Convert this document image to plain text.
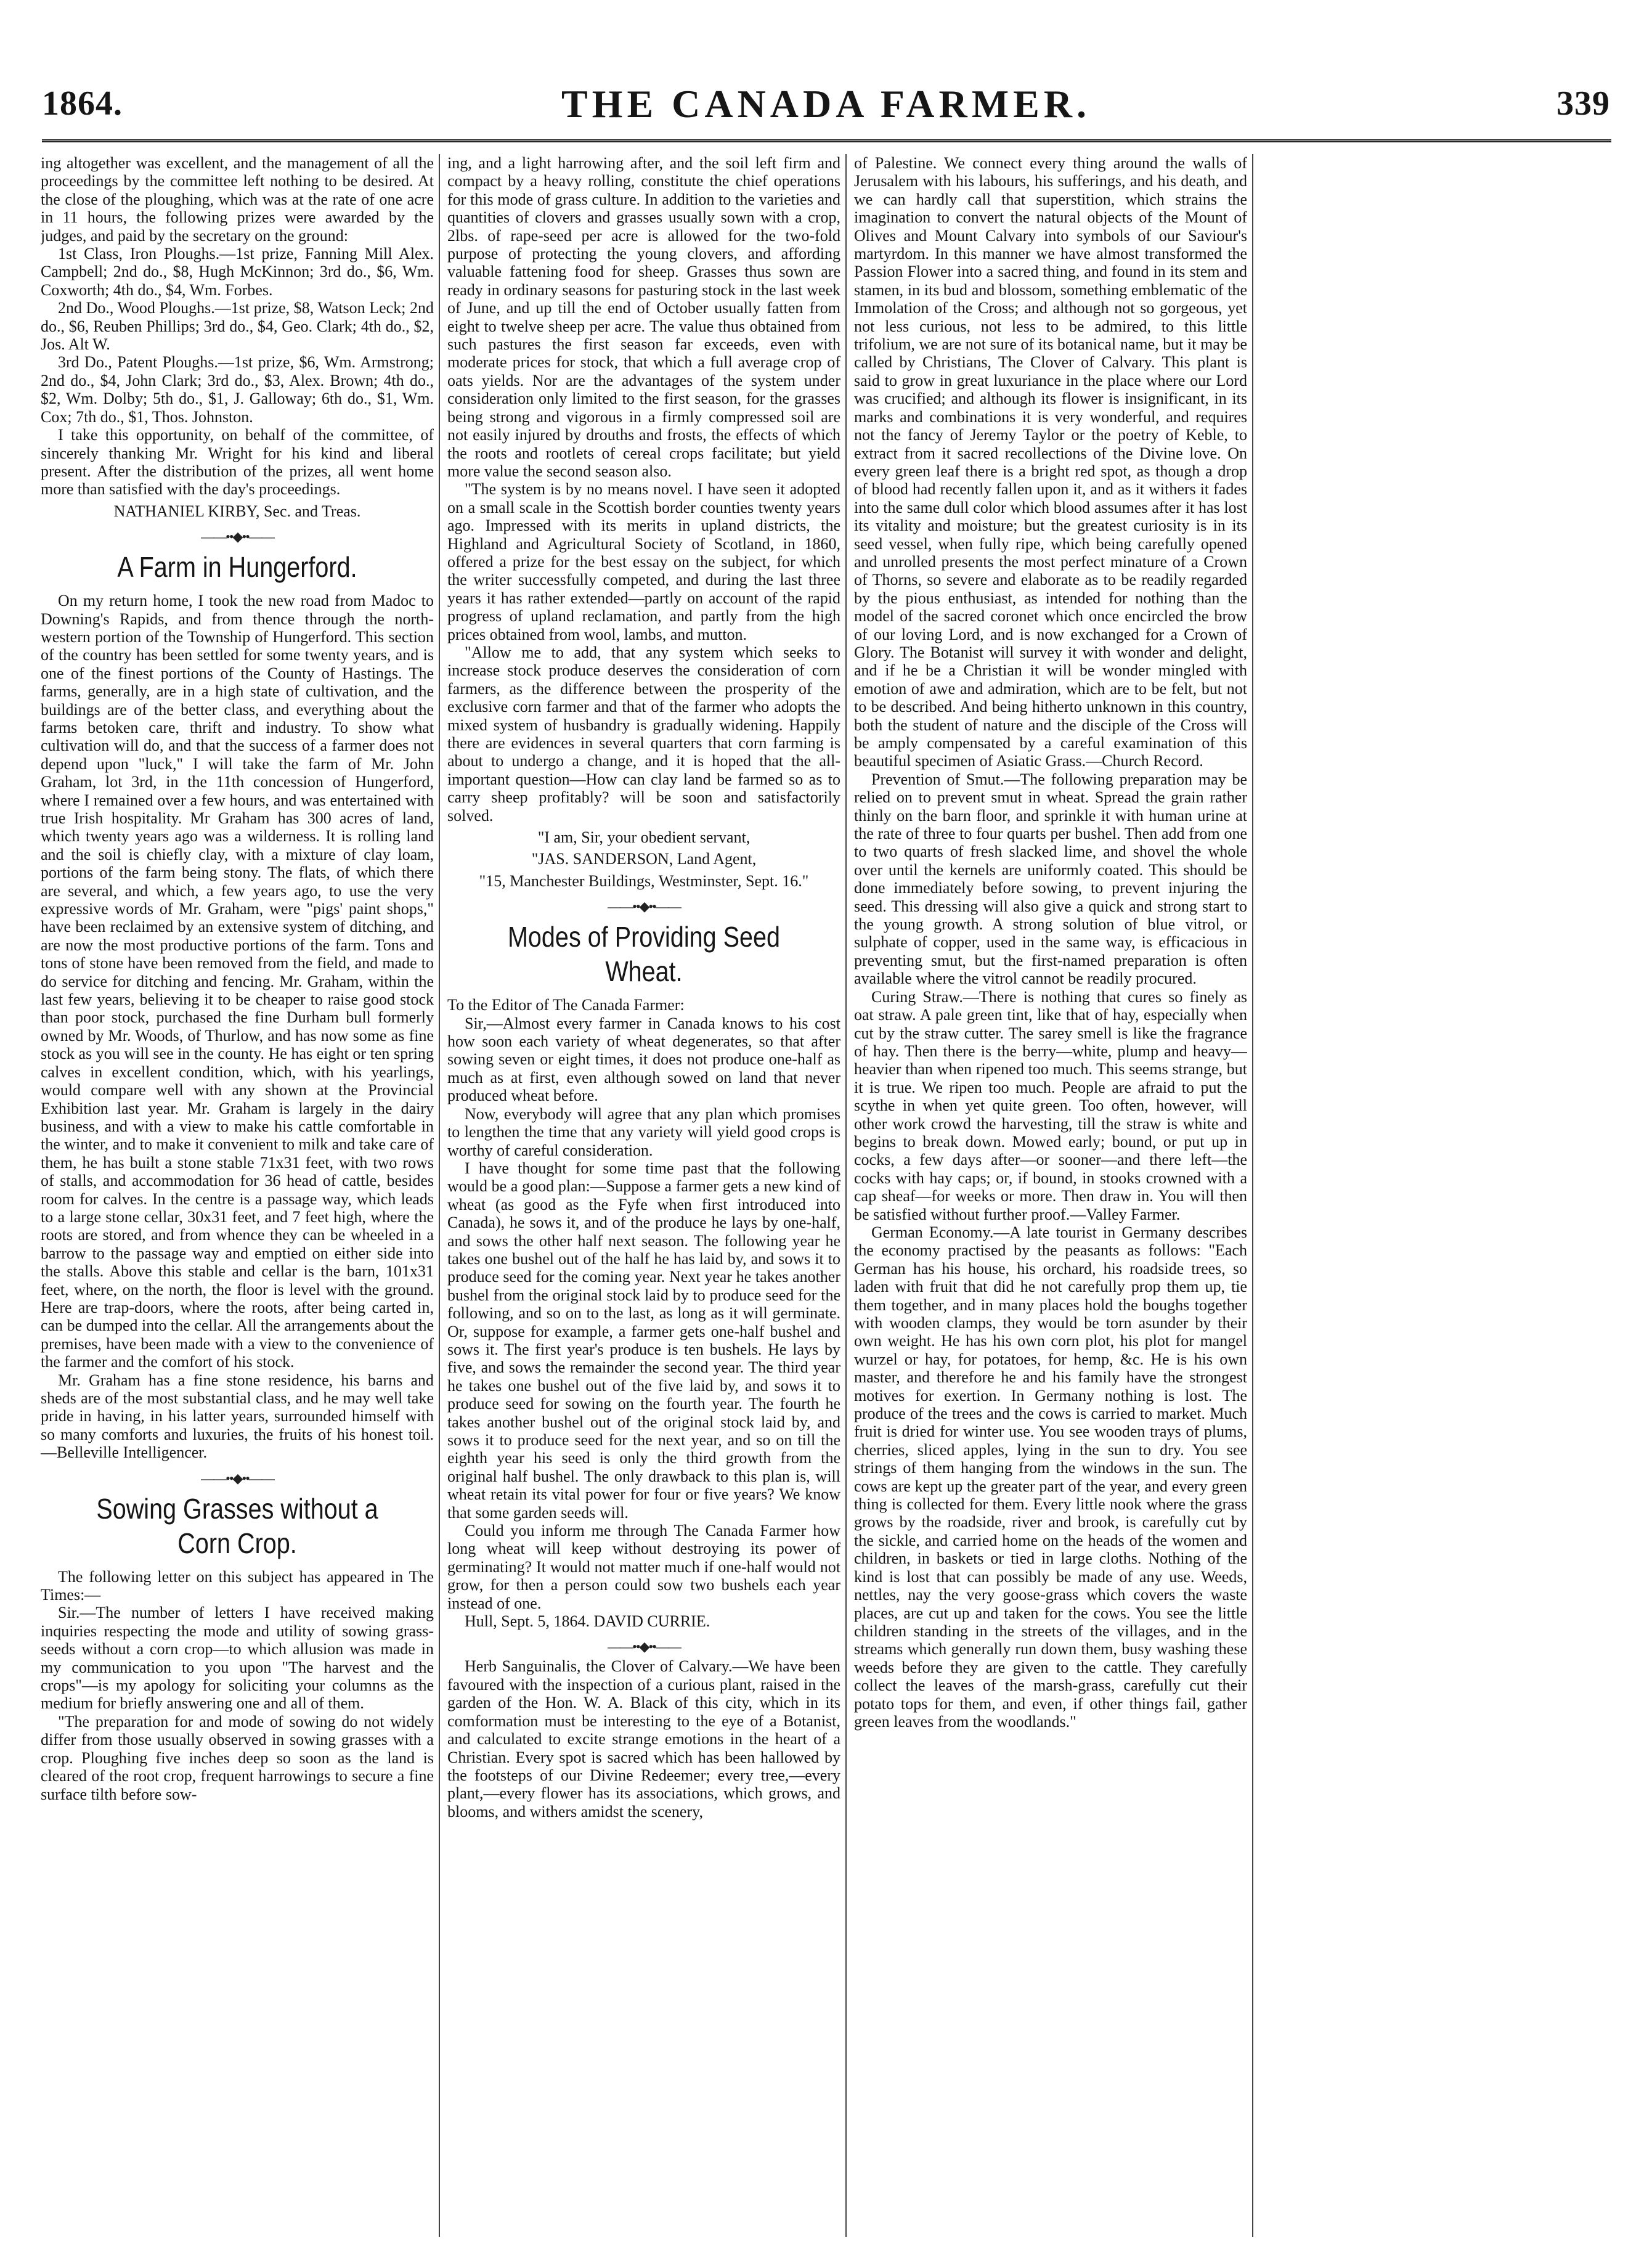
1864.	THE CANADA FARMER.	339

ing altogether was excellent, and the management of all the proceedings by the committee left nothing to be desired. At the close of the ploughing, which was at the rate of one acre in 11 hours, the following prizes were awarded by the judges, and paid by the secretary on the ground:

1st Class, Iron Ploughs.—1st prize, Fanning Mill Alex. Campbell; 2nd do., $8, Hugh McKinnon; 3rd do., $6, Wm. Coxworth; 4th do., $4, Wm. Forbes.

2nd Do., Wood Ploughs.—1st prize, $8, Watson Leck; 2nd do., $6, Reuben Phillips; 3rd do., $4, Geo. Clark; 4th do., $2, Jos. Alt W.

3rd Do., Patent Ploughs.—1st prize, $6, Wm. Armstrong; 2nd do., $4, John Clark; 3rd do., $3, Alex. Brown; 4th do., $2, Wm. Dolby; 5th do., $1, J. Galloway; 6th do., $1, Wm. Cox; 7th do., $1, Thos. Johnston.

I take this opportunity, on behalf of the committee, of sincerely thanking Mr. Wright for his kind and liberal present. After the distribution of the prizes, all went home more than satisfied with the day's proceedings.

NATHANIEL KIRBY, Sec. and Treas.

——••◆••——
A Farm in Hungerford.

On my return home, I took the new road from Madoc to Downing's Rapids, and from thence through the north-western portion of the Township of Hungerford. This section of the country has been settled for some twenty years, and is one of the finest portions of the County of Hastings. The farms, generally, are in a high state of cultivation, and the buildings are of the better class, and everything about the farms betoken care, thrift and industry. To show what cultivation will do, and that the success of a farmer does not depend upon "luck," I will take the farm of Mr. John Graham, lot 3rd, in the 11th concession of Hungerford, where I remained over a few hours, and was entertained with true Irish hospitality. Mr Graham has 300 acres of land, which twenty years ago was a wilderness. It is rolling land and the soil is chiefly clay, with a mixture of clay loam, portions of the farm being stony. The flats, of which there are several, and which, a few years ago, to use the very expressive words of Mr. Graham, were "pigs' paint shops," have been reclaimed by an extensive system of ditching, and are now the most productive portions of the farm. Tons and tons of stone have been removed from the field, and made to do service for ditching and fencing. Mr. Graham, within the last few years, believing it to be cheaper to raise good stock than poor stock, purchased the fine Durham bull formerly owned by Mr. Woods, of Thurlow, and has now some as fine stock as you will see in the county. He has eight or ten spring calves in excellent condition, which, with his yearlings, would compare well with any shown at the Provincial Exhibition last year. Mr. Graham is largely in the dairy business, and with a view to make his cattle comfortable in the winter, and to make it convenient to milk and take care of them, he has built a stone stable 71x31 feet, with two rows of stalls, and accommodation for 36 head of cattle, besides room for calves. In the centre is a passage way, which leads to a large stone cellar, 30x31 feet, and 7 feet high, where the roots are stored, and from whence they can be wheeled in a barrow to the passage way and emptied on either side into the stalls. Above this stable and cellar is the barn, 101x31 feet, where, on the north, the floor is level with the ground. Here are trap-doors, where the roots, after being carted in, can be dumped into the cellar. All the arrangements about the premises, have been made with a view to the convenience of the farmer and the comfort of his stock.

Mr. Graham has a fine stone residence, his barns and sheds are of the most substantial class, and he may well take pride in having, in his latter years, surrounded himself with so many comforts and luxuries, the fruits of his honest toil.—Belleville Intelligencer.

——••◆••——
Sowing Grasses without a Corn Crop.

The following letter on this subject has appeared in The Times:—

Sir.—The number of letters I have received making inquiries respecting the mode and utility of sowing grass-seeds without a corn crop—to which allusion was made in my communication to you upon "The harvest and the crops"—is my apology for soliciting your columns as the medium for briefly answering one and all of them.

"The preparation for and mode of sowing do not widely differ from those usually observed in sowing grasses with a crop. Ploughing five inches deep so soon as the land is cleared of the root crop, frequent harrowings to secure a fine surface tilth before sow-

ing, and a light harrowing after, and the soil left firm and compact by a heavy rolling, constitute the chief operations for this mode of grass culture. In addition to the varieties and quantities of clovers and grasses usually sown with a crop, 2lbs. of rape-seed per acre is allowed for the two-fold purpose of protecting the young clovers, and affording valuable fattening food for sheep. Grasses thus sown are ready in ordinary seasons for pasturing stock in the last week of June, and up till the end of October usually fatten from eight to twelve sheep per acre. The value thus obtained from such pastures the first season far exceeds, even with moderate prices for stock, that which a full average crop of oats yields. Nor are the advantages of the system under consideration only limited to the first season, for the grasses being strong and vigorous in a firmly compressed soil are not easily injured by drouths and frosts, the effects of which the roots and rootlets of cereal crops facilitate; but yield more value the second season also.

"The system is by no means novel. I have seen it adopted on a small scale in the Scottish border counties twenty years ago. Impressed with its merits in upland districts, the Highland and Agricultural Society of Scotland, in 1860, offered a prize for the best essay on the subject, for which the writer successfully competed, and during the last three years it has rather extended—partly on account of the rapid progress of upland reclamation, and partly from the high prices obtained from wool, lambs, and mutton.

"Allow me to add, that any system which seeks to increase stock produce deserves the consideration of corn farmers, as the difference between the prosperity of the exclusive corn farmer and that of the farmer who adopts the mixed system of husbandry is gradually widening. Happily there are evidences in several quarters that corn farming is about to undergo a change, and it is hoped that the all-important question—How can clay land be farmed so as to carry sheep profitably? will be soon and satisfactorily solved.

"I am, Sir, your obedient servant,

"JAS. SANDERSON, Land Agent,

"15, Manchester Buildings, Westminster, Sept. 16."

——••◆••——
Modes of Providing Seed Wheat.

To the Editor of The Canada Farmer:

Sir,—Almost every farmer in Canada knows to his cost how soon each variety of wheat degenerates, so that after sowing seven or eight times, it does not produce one-half as much as at first, even although sowed on land that never produced wheat before.

Now, everybody will agree that any plan which promises to lengthen the time that any variety will yield good crops is worthy of careful consideration.

I have thought for some time past that the following would be a good plan:—Suppose a farmer gets a new kind of wheat (as good as the Fyfe when first introduced into Canada), he sows it, and of the produce he lays by one-half, and sows the other half next season. The following year he takes one bushel out of the half he has laid by, and sows it to produce seed for the coming year. Next year he takes another bushel from the original stock laid by to produce seed for the following, and so on to the last, as long as it will germinate. Or, suppose for example, a farmer gets one-half bushel and sows it. The first year's produce is ten bushels. He lays by five, and sows the remainder the second year. The third year he takes one bushel out of the five laid by, and sows it to produce seed for sowing on the fourth year. The fourth he takes another bushel out of the original stock laid by, and sows it to produce seed for the next year, and so on till the eighth year his seed is only the third growth from the original half bushel. The only drawback to this plan is, will wheat retain its vital power for four or five years? We know that some garden seeds will.

Could you inform me through The Canada Farmer how long wheat will keep without destroying its power of germinating? It would not matter much if one-half would not grow, for then a person could sow two bushels each year instead of one.

Hull, Sept. 5, 1864. DAVID CURRIE.

——••◆••——

Herb Sanguinalis, the Clover of Calvary.—We have been favoured with the inspection of a curious plant, raised in the garden of the Hon. W. A. Black of this city, which in its comformation must be interesting to the eye of a Botanist, and calculated to excite strange emotions in the heart of a Christian. Every spot is sacred which has been hallowed by the footsteps of our Divine Redeemer; every tree,—every plant,—every flower has its associations, which grows, and blooms, and withers amidst the scenery,

of Palestine. We connect every thing around the walls of Jerusalem with his labours, his sufferings, and his death, and we can hardly call that superstition, which strains the imagination to convert the natural objects of the Mount of Olives and Mount Calvary into symbols of our Saviour's martyrdom. In this manner we have almost transformed the Passion Flower into a sacred thing, and found in its stem and stamen, in its bud and blossom, something emblematic of the Immolation of the Cross; and although not so gorgeous, yet not less curious, not less to be admired, to this little trifolium, we are not sure of its botanical name, but it may be called by Christians, The Clover of Calvary. This plant is said to grow in great luxuriance in the place where our Lord was crucified; and although its flower is insignificant, in its marks and combinations it is very wonderful, and requires not the fancy of Jeremy Taylor or the poetry of Keble, to extract from it sacred recollections of the Divine love. On every green leaf there is a bright red spot, as though a drop of blood had recently fallen upon it, and as it withers it fades into the same dull color which blood assumes after it has lost its vitality and moisture; but the greatest curiosity is in its seed vessel, when fully ripe, which being carefully opened and unrolled presents the most perfect minature of a Crown of Thorns, so severe and elaborate as to be readily regarded by the pious enthusiast, as intended for nothing than the model of the sacred coronet which once encircled the brow of our loving Lord, and is now exchanged for a Crown of Glory. The Botanist will survey it with wonder and delight, and if he be a Christian it will be wonder mingled with emotion of awe and admiration, which are to be felt, but not to be described. And being hitherto unknown in this country, both the student of nature and the disciple of the Cross will be amply compensated by a careful examination of this beautiful specimen of Asiatic Grass.—Church Record.

Prevention of Smut.—The following preparation may be relied on to prevent smut in wheat. Spread the grain rather thinly on the barn floor, and sprinkle it with human urine at the rate of three to four quarts per bushel. Then add from one to two quarts of fresh slacked lime, and shovel the whole over until the kernels are uniformly coated. This should be done immediately before sowing, to prevent injuring the seed. This dressing will also give a quick and strong start to the young growth. A strong solution of blue vitrol, or sulphate of copper, used in the same way, is efficacious in preventing smut, but the first-named preparation is often available where the vitrol cannot be readily procured.

Curing Straw.—There is nothing that cures so finely as oat straw. A pale green tint, like that of hay, especially when cut by the straw cutter. The sarey smell is like the fragrance of hay. Then there is the berry—white, plump and heavy—heavier than when ripened too much. This seems strange, but it is true. We ripen too much. People are afraid to put the scythe in when yet quite green. Too often, however, will other work crowd the harvesting, till the straw is white and begins to break down. Mowed early; bound, or put up in cocks, a few days after—or sooner—and there left—the cocks with hay caps; or, if bound, in stooks crowned with a cap sheaf—for weeks or more. Then draw in. You will then be satisfied without further proof.—Valley Farmer.

German Economy.—A late tourist in Germany describes the economy practised by the peasants as follows: "Each German has his house, his orchard, his roadside trees, so laden with fruit that did he not carefully prop them up, tie them together, and in many places hold the boughs together with wooden clamps, they would be torn asunder by their own weight. He has his own corn plot, his plot for mangel wurzel or hay, for potatoes, for hemp, &c. He is his own master, and therefore he and his family have the strongest motives for exertion. In Germany nothing is lost. The produce of the trees and the cows is carried to market. Much fruit is dried for winter use. You see wooden trays of plums, cherries, sliced apples, lying in the sun to dry. You see strings of them hanging from the windows in the sun. The cows are kept up the greater part of the year, and every green thing is collected for them. Every little nook where the grass grows by the roadside, river and brook, is carefully cut by the sickle, and carried home on the heads of the women and children, in baskets or tied in large cloths. Nothing of the kind is lost that can possibly be made of any use. Weeds, nettles, nay the very goose-grass which covers the waste places, are cut up and taken for the cows. You see the little children standing in the streets of the villages, and in the streams which generally run down them, busy washing these weeds before they are given to the cattle. They carefully collect the leaves of the marsh-grass, carefully cut their potato tops for them, and even, if other things fail, gather green leaves from the woodlands."
